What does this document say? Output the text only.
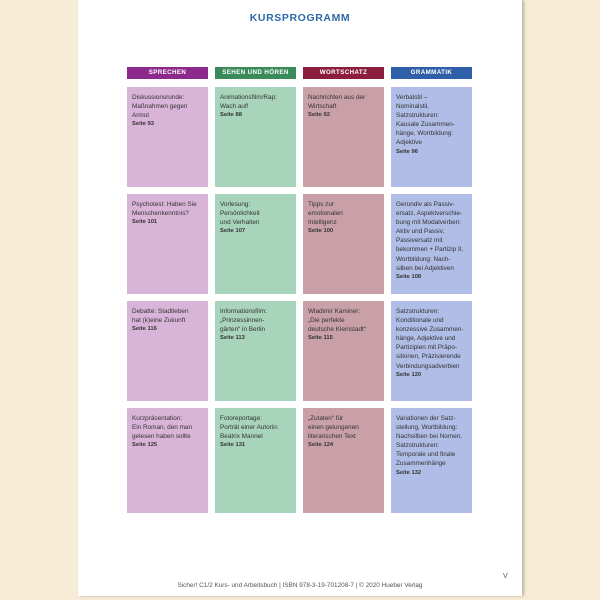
KURSPROGRAMM
SPRECHEN	SEHEN UND HÖREN	WORTSCHATZ	GRAMMATIK
Diskussionsrunde:
Maßnahmen gegen
Armut
Seite 93
Animationsfilm/Rap:
Wach auf!
Seite 88
Nachrichten aus der
Wirtschaft
Seite 92
Verbalstil –
Nominalstil,
Satzstrukturen:
Kausale Zusammen-
hänge, Wortbildung:
Adjektive
Seite 96
Psychotest: Haben Sie
Menschenkenntnis?
Seite 101
Vorlesung:
Persönlichkeit
und Verhalten
Seite 107
Tipps zur
emotionalen
Intelligenz
Seite 100
Gerundiv als Passiv-
ersatz, Aspektverschie-
bung mit Modalverben:
Aktiv und Passiv,
Passiversatz mit
bekommen + Partizip II,
Wortbildung: Nach-
silben bei Adjektiven
Seite 108
Debatte: Stadtleben
hat (k)eine Zukunft
Seite 116
Informationsfilm:
„Prinzessinnen-
gärten“ in Berlin
Seite 113
Wladimir Kaminer:
„Die perfekte
deutsche Kleinstadt“
Seite 115
Satzstrukturen:
Konditionale und
konzessive Zusammen-
hänge, Adjektive und
Partizipien mit Präpo-
sitionen, Präzisierende
Verbindungsadverbien
Seite 120
Kurzpräsentation:
Ein Roman, den man
gelesen haben sollte
Seite 125
Fotoreportage:
Porträt einer Autorin:
Beatrix Mannel
Seite 131
„Zutaten“ für
einen gelungenen
literarischen Text
Seite 124
Variationen der Satz-
stellung, Wortbildung:
Nachsilben bei Nomen,
Satzstrukturen:
Temporale und finale
Zusammenhänge
Seite 132
V
Sicher! C1/2 Kurs- und Arbeitsbuch | ISBN 978-3-19-701208-7 | © 2020 Hueber Verlag
